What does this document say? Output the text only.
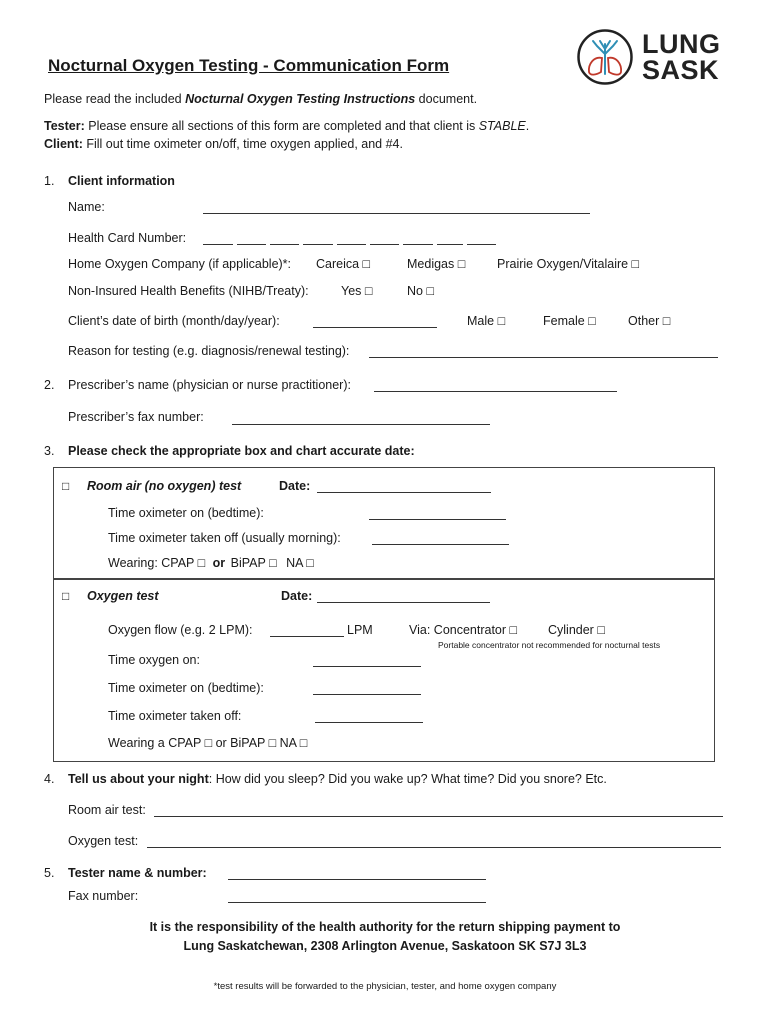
LUNG
SASK
Nocturnal Oxygen Testing - Communication Form
Please read the included Nocturnal Oxygen Testing Instructions document.
Tester: Please ensure all sections of this form are completed and that client is STABLE.
Client: Fill out time oximeter on/off, time oxygen applied, and #4.
1. Client information
Name:
Health Card Number:
Home Oxygen Company (if applicable)*: Careica □	Medigas □	Prairie Oxygen/Vitalaire □
Non-Insured Health Benefits (NIHB/Treaty):	Yes □	No □
Client’s date of birth (month/day/year):	Male □	Female □	Other □
Reason for testing (e.g. diagnosis/renewal testing):
2. Prescriber’s name (physician or nurse practitioner):
Prescriber’s fax number:
3. Please check the appropriate box and chart accurate date:
□ Room air (no oxygen) test	Date:
Time oximeter on (bedtime):
Time oximeter taken off (usually morning):
Wearing: CPAP □ or BiPAP □ NA □
□ Oxygen test	Date:
Oxygen flow (e.g. 2 LPM):	LPM	Via: Concentrator □ Cylinder □
Portable concentrator not recommended for nocturnal tests
Time oxygen on:
Time oximeter on (bedtime):
Time oximeter taken off:
Wearing a CPAP □ or BiPAP □ NA □
4. Tell us about your night: How did you sleep? Did you wake up? What time? Did you snore? Etc.
Room air test:
Oxygen test:
5. Tester name & number:
Fax number:
It is the responsibility of the health authority for the return shipping payment to
Lung Saskatchewan, 2308 Arlington Avenue, Saskatoon SK S7J 3L3
*test results will be forwarded to the physician, tester, and home oxygen company
